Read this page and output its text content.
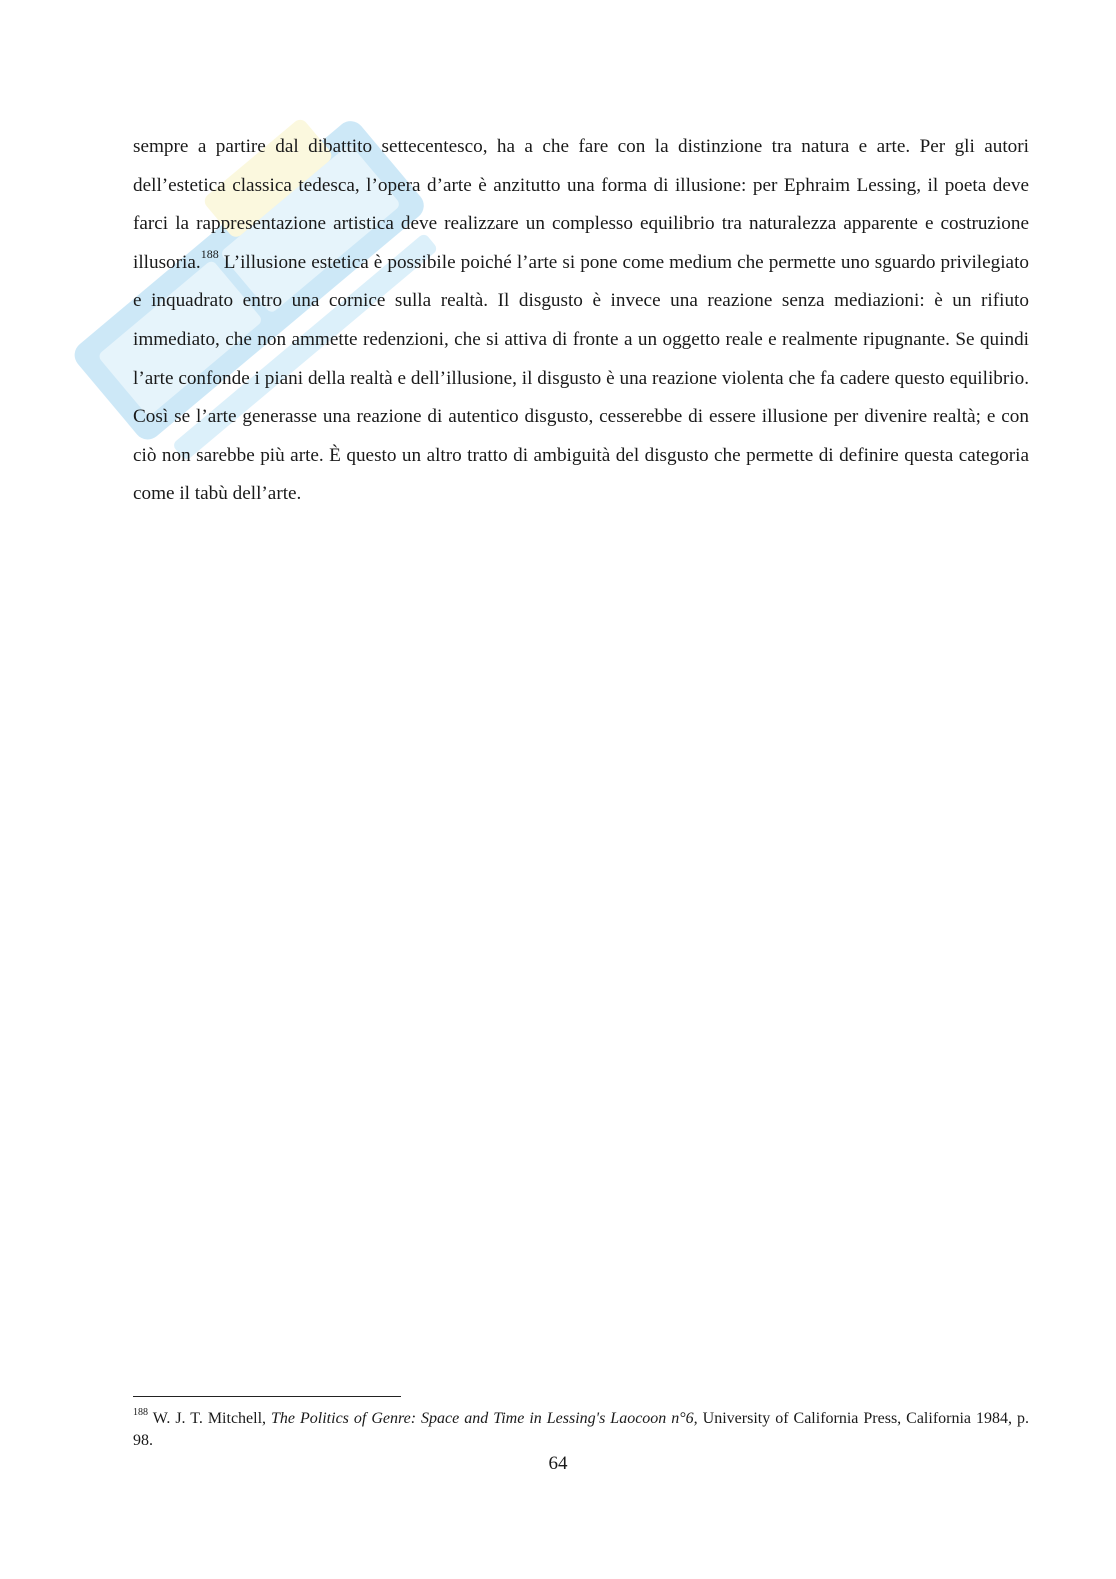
sempre a partire dal dibattito settecentesco, ha a che fare con la distinzione tra natura e arte. Per gli autori dell’estetica classica tedesca, l’opera d’arte è anzitutto una forma di illusione: per Ephraim Lessing, il poeta deve farci la rappresentazione artistica deve realizzare un complesso equilibrio tra naturalezza apparente e costruzione illusoria.$^{188}$ L’illusione estetica è possibile poiché l’arte si pone come medium che permette uno sguardo privilegiato e inquadrato entro una cornice sulla realtà. Il disgusto è invece una reazione senza mediazioni: è un rifiuto immediato, che non ammette redenzioni, che si attiva di fronte a un oggetto reale e realmente ripugnante. Se quindi l’arte confonde i piani della realtà e dell’illusione, il disgusto è una reazione violenta che fa cadere questo equilibrio. Così se l’arte generasse una reazione di autentico disgusto, cesserebbe di essere illusione per divenire realtà; e con ciò non sarebbe più arte. È questo un altro tratto di ambiguità del disgusto che permette di definire questa categoria come il tabù dell’arte.

$^{188}$ W. J. T. Mitchell, The Politics of Genre: Space and Time in Lessing's Laocoon n°6, University of California Press, California 1984, p. 98.

64
